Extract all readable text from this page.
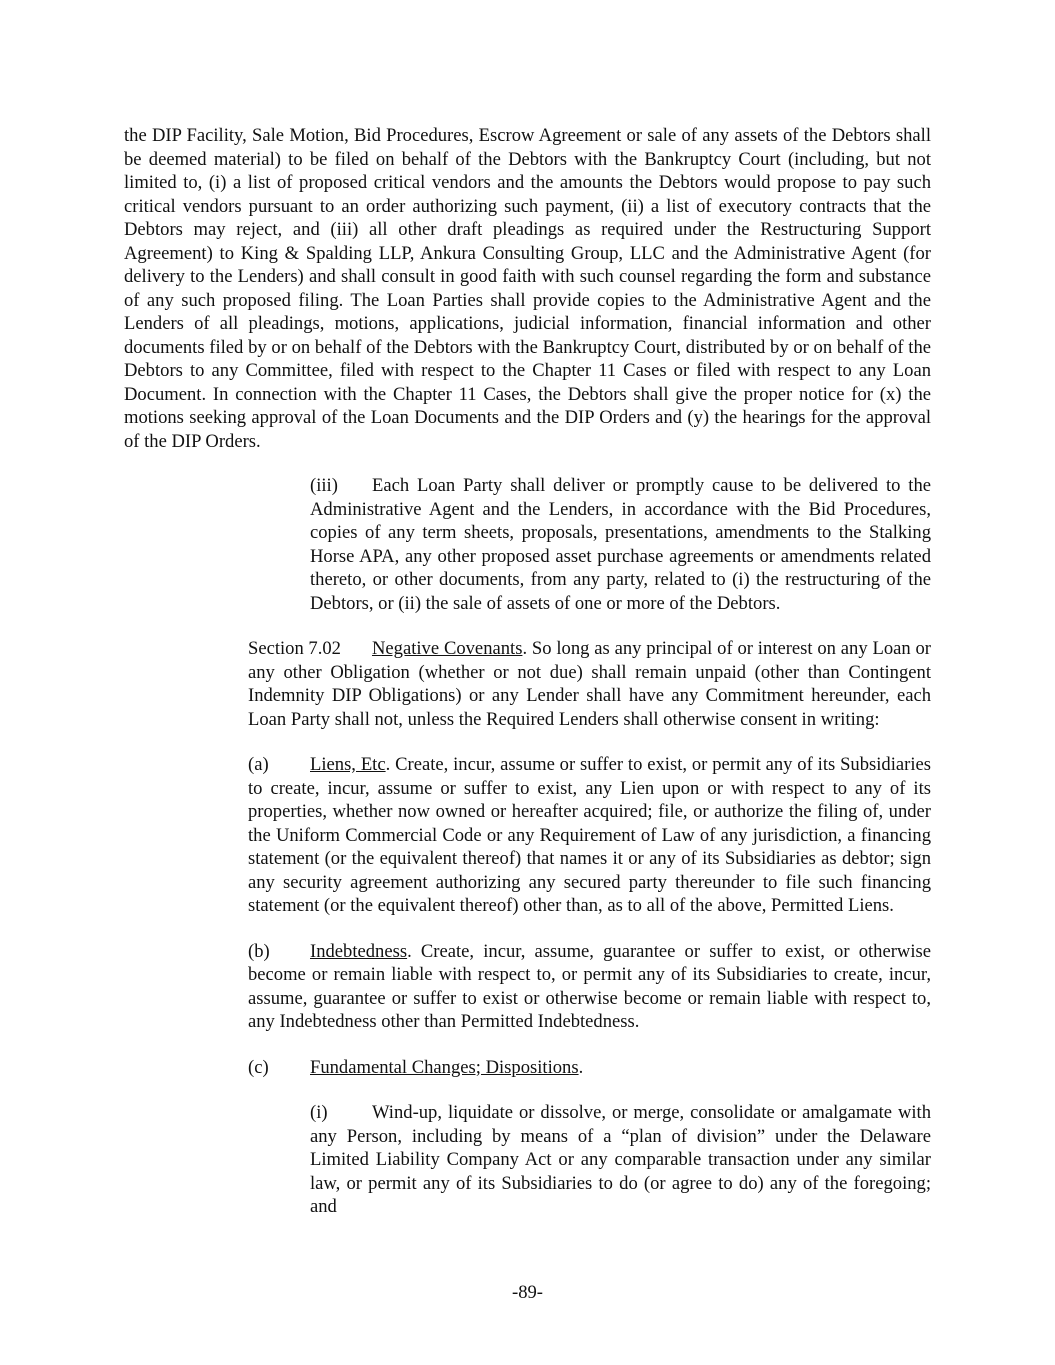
the DIP Facility, Sale Motion, Bid Procedures, Escrow Agreement or sale of any assets of the Debtors shall be deemed material) to be filed on behalf of the Debtors with the Bankruptcy Court (including, but not limited to, (i) a list of proposed critical vendors and the amounts the Debtors would propose to pay such critical vendors pursuant to an order authorizing such payment, (ii) a list of executory contracts that the Debtors may reject, and (iii) all other draft pleadings as required under the Restructuring Support Agreement) to King & Spalding LLP, Ankura Consulting Group, LLC and the Administrative Agent (for delivery to the Lenders) and shall consult in good faith with such counsel regarding the form and substance of any such proposed filing. The Loan Parties shall provide copies to the Administrative Agent and the Lenders of all pleadings, motions, applications, judicial information, financial information and other documents filed by or on behalf of the Debtors with the Bankruptcy Court, distributed by or on behalf of the Debtors to any Committee, filed with respect to the Chapter 11 Cases or filed with respect to any Loan Document. In connection with the Chapter 11 Cases, the Debtors shall give the proper notice for (x) the motions seeking approval of the Loan Documents and the DIP Orders and (y) the hearings for the approval of the DIP Orders.

(iii) Each Loan Party shall deliver or promptly cause to be delivered to the Administrative Agent and the Lenders, in accordance with the Bid Procedures, copies of any term sheets, proposals, presentations, amendments to the Stalking Horse APA, any other proposed asset purchase agreements or amendments related thereto, or other documents, from any party, related to (i) the restructuring of the Debtors, or (ii) the sale of assets of one or more of the Debtors.

Section 7.02 Negative Covenants. So long as any principal of or interest on any Loan or any other Obligation (whether or not due) shall remain unpaid (other than Contingent Indemnity DIP Obligations) or any Lender shall have any Commitment hereunder, each Loan Party shall not, unless the Required Lenders shall otherwise consent in writing:

(a) Liens, Etc. Create, incur, assume or suffer to exist, or permit any of its Subsidiaries to create, incur, assume or suffer to exist, any Lien upon or with respect to any of its properties, whether now owned or hereafter acquired; file, or authorize the filing of, under the Uniform Commercial Code or any Requirement of Law of any jurisdiction, a financing statement (or the equivalent thereof) that names it or any of its Subsidiaries as debtor; sign any security agreement authorizing any secured party thereunder to file such financing statement (or the equivalent thereof) other than, as to all of the above, Permitted Liens.

(b) Indebtedness. Create, incur, assume, guarantee or suffer to exist, or otherwise become or remain liable with respect to, or permit any of its Subsidiaries to create, incur, assume, guarantee or suffer to exist or otherwise become or remain liable with respect to, any Indebtedness other than Permitted Indebtedness.

(c) Fundamental Changes; Dispositions.

(i) Wind-up, liquidate or dissolve, or merge, consolidate or amalgamate with any Person, including by means of a “plan of division” under the Delaware Limited Liability Company Act or any comparable transaction under any similar law, or permit any of its Subsidiaries to do (or agree to do) any of the foregoing; and

-89-
